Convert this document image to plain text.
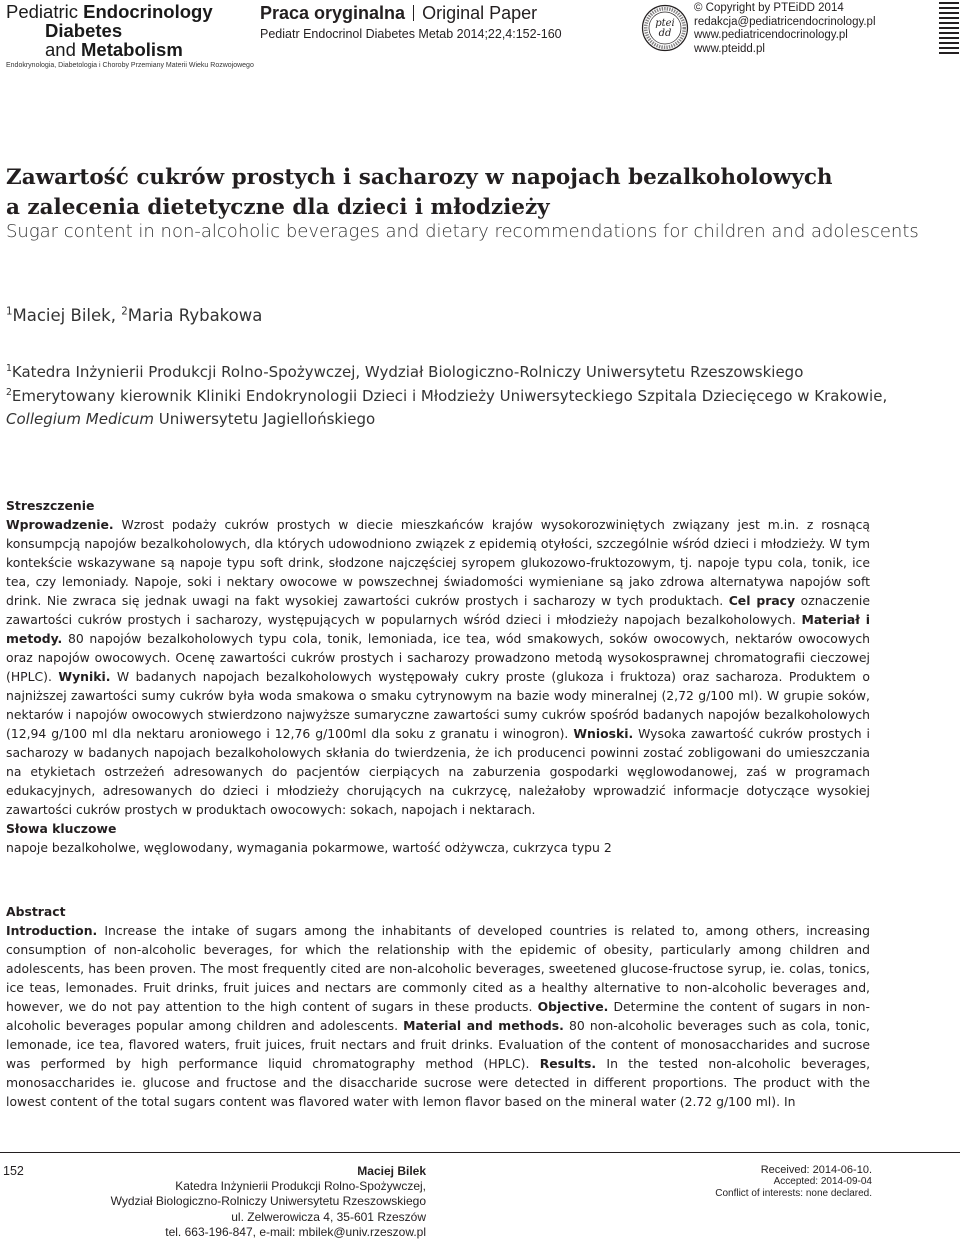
Pediatric Endocrinology
Diabetes
and Metabolism
Endokrynologia, Diabetologia i Choroby Przemiany Materii Wieku Rozwojowego
Praca oryginalna Original Paper
Pediatr Endocrinol Diabetes Metab 2014;22,4:152-160
ptei
dd
© Copyright by PTEiDD 2014
redakcja@pediatricendocrinology.pl
www.pediatricendocrinology.pl
www.pteidd.pl
Zawartość cukrów prostych i sacharozy w napojach bezalkoholowych
a zalecenia dietetyczne dla dzieci i młodzieży
Sugar content in non-alcoholic beverages and dietary recommendations for children and adolescents
$^1$Maciej Bilek, $^2$Maria Rybakowa
$^1$Katedra Inżynierii Produkcji Rolno-Spożywczej, Wydział Biologiczno-Rolniczy Uniwersytetu Rzeszowskiego
$^2$Emerytowany kierownik Kliniki Endokrynologii Dzieci i Młodzieży Uniwersyteckiego Szpitala Dziecięcego w Krakowie, Collegium Medicum Uniwersytetu Jagiellońskiego
Streszczenie
Wprowadzenie. Wzrost podaży cukrów prostych w diecie mieszkańców krajów wysokorozwiniętych związany jest m.in. z rosnącą konsumpcją napojów bezalkoholowych, dla których udowodniono związek z epidemią otyłości, szczególnie wśród dzieci i młodzieży. W tym kontekście wskazywane są napoje typu soft drink, słodzone najczęściej syropem glukozowo-fruktozowym, tj. napoje typu cola, tonik, ice tea, czy lemoniady. Napoje, soki i nektary owocowe w powszechnej świadomości wymieniane są jako zdrowa alternatywa napojów soft drink. Nie zwraca się jednak uwagi na fakt wysokiej zawartości cukrów prostych i sacharozy w tych produktach. Cel pracy oznaczenie zawartości cukrów prostych i sacharozy, występujących w popularnych wśród dzieci i młodzieży napojach bezalkoholowych. Materiał i metody. 80 napojów bezalkoholowych typu cola, tonik, lemoniada, ice tea, wód smakowych, soków owocowych, nektarów owocowych oraz napojów owocowych. Ocenę zawartości cukrów prostych i sacharozy prowadzono metodą wysokosprawnej chromatografii cieczowej (HPLC). Wyniki. W badanych napojach bezalkoholowych występowały cukry proste (glukoza i fruktoza) oraz sacharoza. Produktem o najniższej zawartości sumy cukrów była woda smakowa o smaku cytrynowym na bazie wody mineralnej (2,72 g/100 ml). W grupie soków, nektarów i napojów owocowych stwierdzono najwyższe sumaryczne zawartości sumy cukrów spośród badanych napojów bezalkoholowych (12,94 g/100 ml dla nektaru aroniowego i 12,76 g/100ml dla soku z granatu i winogron). Wnioski. Wysoka zawartość cukrów prostych i sacharozy w badanych napojach bezalkoholowych skłania do twierdzenia, że ich producenci powinni zostać zobligowani do umieszczania na etykietach ostrzeżeń adresowanych do pacjentów cierpiących na zaburzenia gospodarki węglowodanowej, zaś w programach edukacyjnych, adresowanych do dzieci i młodzieży chorujących na cukrzycę, należałoby wprowadzić informacje dotyczące wysokiej zawartości cukrów prostych w produktach owocowych: sokach, napojach i nektarach.
Słowa kluczowe
napoje bezalkoholwe, węglowodany, wymagania pokarmowe, wartość odżywcza, cukrzyca typu 2
Abstract
Introduction. Increase the intake of sugars among the inhabitants of developed countries is related to, among others, increasing consumption of non-alcoholic beverages, for which the relationship with the epidemic of obesity, particularly among children and adolescents, has been proven. The most frequently cited are non-alcoholic beverages, sweetened glucose-fructose syrup, ie. colas, tonics, ice teas, lemonades. Fruit drinks, fruit juices and nectars are commonly cited as a healthy alternative to non-alcoholic beverages and, however, we do not pay attention to the high content of sugars in these products. Objective. Determine the content of sugars in non-alcoholic beverages popular among children and adolescents. Material and methods. 80 non-alcoholic beverages such as cola, tonic, lemonade, ice tea, flavored waters, fruit juices, fruit nectars and fruit drinks. Evaluation of the content of monosaccharides and sucrose was performed by high performance liquid chromatography method (HPLC). Results. In the tested non-alcoholic beverages, monosaccharides ie. glucose and fructose and the disaccharide sucrose were detected in different proportions. The product with the lowest content of the total sugars content was flavored water with lemon flavor based on the mineral water (2.72 g/100 ml). In
152	Maciej Bilek
Katedra Inżynierii Produkcji Rolno-Spożywczej,
Wydział Biologiczno-Rolniczy Uniwersytetu Rzeszowskiego
ul. Zelwerowicza 4, 35-601 Rzeszów
tel. 663-196-847, e-mail: mbilek@univ.rzeszow.pl
Received: 2014-06-10.
Accepted: 2014-09-04
Conflict of interests: none declared.
